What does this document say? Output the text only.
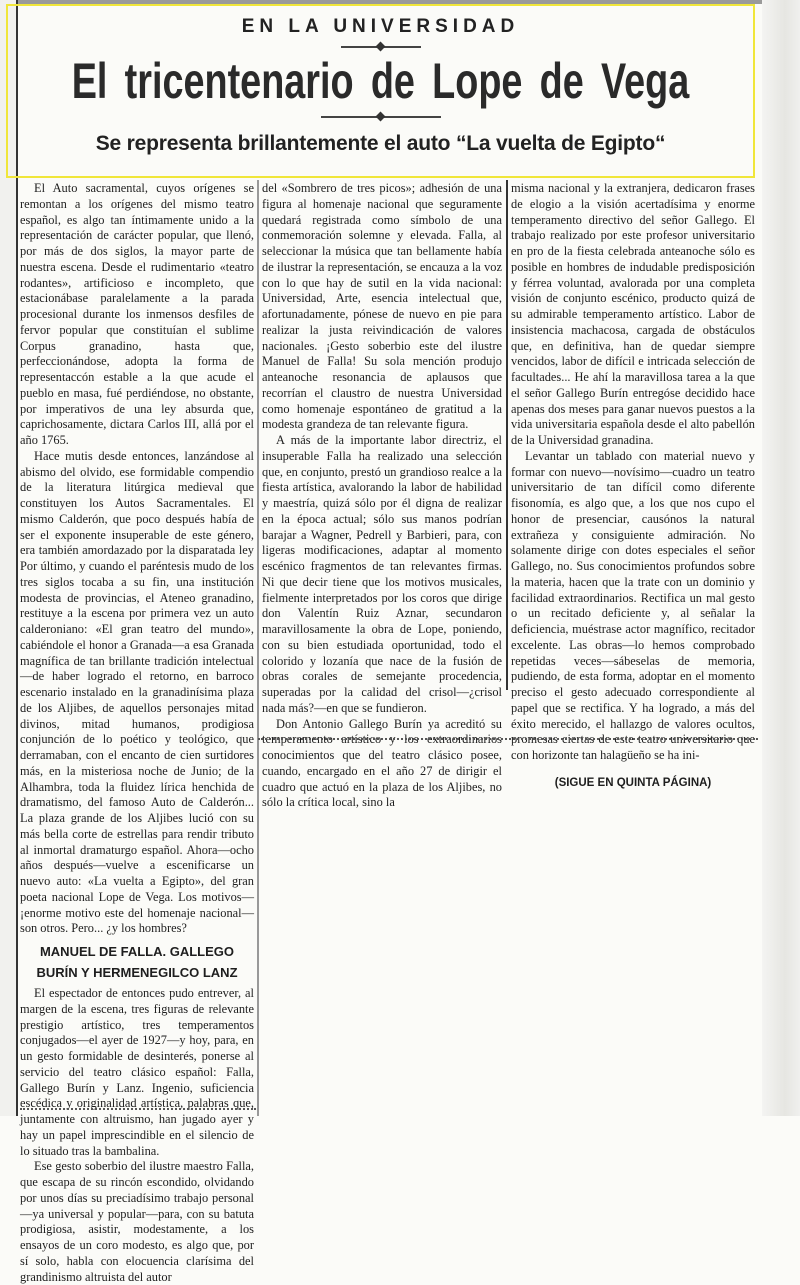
EN LA UNIVERSIDAD
El tricentenario de Lope de Vega
Se representa brillantemente el auto “La vuelta de Egipto“

El Auto sacramental, cuyos orígenes se remontan a los orígenes del mismo teatro español, es algo tan íntimamente unido a la representación de carácter popular, que llenó, por más de dos siglos, la mayor parte de nuestra escena. Desde el rudimentario «teatro rodantes», artificioso e incompleto, que estacionábase paralelamente a la parada procesional durante los inmensos desfiles de fervor popular que constituían el sublime Corpus granadino, hasta que, perfeccionándose, adopta la forma de representaccón estable a la que acude el pueblo en masa, fué perdiéndose, no obstante, por imperativos de una ley absurda que, caprichosamente, dictara Carlos III, allá por el año 1765.

Hace mutis desde entonces, lanzándose al abismo del olvido, ese formidable compendio de la literatura litúrgica medieval que constituyen los Autos Sacramentales. El mismo Calderón, que poco después había de ser el exponente insuperable de este género, era también amordazado por la disparatada ley Por último, y cuando el paréntesis mudo de los tres siglos tocaba a su fin, una institución modesta de provincias, el Ateneo granadino, restituye a la escena por primera vez un auto calderoniano: «El gran teatro del mundo», cabiéndole el honor a Granada—a esa Granada magnífica de tan brillante tradición intelectual—de haber logrado el retorno, en barroco escenario instalado en la granadinísima plaza de los Aljibes, de aquellos personajes mitad divinos, mitad humanos, prodigiosa conjunción de lo poético y teológico, que derramaban, con el encanto de cien surtidores más, en la misteriosa noche de Junio; de la Alhambra, toda la fluidez lírica henchida de dramatismo, del famoso Auto de Calderón... La plaza grande de los Aljibes lució con su más bella corte de estrellas para rendir tributo al inmortal dramaturgo español. Ahora—ocho años después—vuelve a escenificarse un nuevo auto: «La vuelta a Egipto», del gran poeta nacional Lope de Vega. Los motivos—¡enorme motivo este del homenaje nacional—son otros. Pero... ¿y los hombres?

MANUEL DE FALLA. GALLEGO BURÍN Y HERMENEGILCO LANZ

El espectador de entonces pudo entrever, al margen de la escena, tres figuras de relevante prestigio artístico, tres temperamentos conjugados—el ayer de 1927—y hoy, para, en un gesto formidable de desinterés, ponerse al servicio del teatro clásico español: Falla, Gallego Burín y Lanz. Ingenio, suficiencia escédica y originalidad artística, palabras que, juntamente con altruismo, han jugado ayer y hay un papel imprescindible en el silencio de lo situado tras la bambalina.

Ese gesto soberbio del ilustre maestro Falla, que escapa de su rincón escondido, olvidando por unos días su preciadísimo trabajo personal—ya universal y popular—para, con su batuta prodigiosa, asistir, modestamente, a los ensayos de un coro modesto, es algo que, por sí solo, habla con elocuencia clarísima del grandinismo altruista del autor

del «Sombrero de tres picos»; adhesión de una figura al homenaje nacional que seguramente quedará registrada como símbolo de una conmemoración solemne y elevada. Falla, al seleccionar la música que tan bellamente había de ilustrar la representación, se encauza a la voz con lo que hay de sutil en la vida nacional: Universidad, Arte, esencia intelectual que, afortunadamente, pónese de nuevo en pie para realizar la justa reivindicación de valores nacionales. ¡Gesto soberbio este del ilustre Manuel de Falla! Su sola mención produjo anteanoche resonancia de aplausos que recorrían el claustro de nuestra Universidad como homenaje espontáneo de gratitud a la modesta grandeza de tan relevante figura.

A más de la importante labor directriz, el insuperable Falla ha realizado una selección que, en conjunto, prestó un grandioso realce a la fiesta artística, avalorando la labor de habilidad y maestría, quizá sólo por él digna de realizar en la época actual; sólo sus manos podrían barajar a Wagner, Pedrell y Barbieri, para, con ligeras modificaciones, adaptar al momento escénico fragmentos de tan relevantes firmas. Ni que decir tiene que los motivos musicales, fielmente interpretados por los coros que dirige don Valentín Ruiz Aznar, secundaron maravillosamente la obra de Lope, poniendo, con su bien estudiada oportunidad, todo el colorido y lozanía que nace de la fusión de obras corales de semejante procedencia, superadas por la calidad del crisol—¿crisol nada más?—en que se fundieron.

Don Antonio Gallego Burín ya acreditó su temperamento artístico y los extraordinarios conocimientos que del teatro clásico posee, cuando, encargado en el año 27 de dirigir el cuadro que actuó en la plaza de los Aljibes, no sólo la crítica local, sino la

misma nacional y la extranjera, dedicaron frases de elogio a la visión acertadísima y enorme temperamento directivo del señor Gallego. El trabajo realizado por este profesor universitario en pro de la fiesta celebrada anteanoche sólo es posible en hombres de indudable predisposición y férrea voluntad, avalorada por una completa visión de conjunto escénico, producto quizá de su admirable temperamento artístico. Labor de insistencia machacosa, cargada de obstáculos que, en definitiva, han de quedar siempre vencidos, labor de difícil e intricada selección de facultades... He ahí la maravillosa tarea a la que el señor Gallego Burín entregóse decidido hace apenas dos meses para ganar nuevos puestos a la vida universitaria española desde el alto pabellón de la Universidad granadina.

Levantar un tablado con material nuevo y formar con nuevo—novísimo—cuadro un teatro universitario de tan difícil como diferente fisonomía, es algo que, a los que nos cupo el honor de presenciar, causónos la natural extrañeza y consiguiente admiración. No solamente dirige con dotes especiales el señor Gallego, no. Sus conocimientos profundos sobre la materia, hacen que la trate con un dominio y facilidad extraordinarios. Rectifica un mal gesto o un recitado deficiente y, al señalar la deficiencia, muéstrase actor magnífico, recitador excelente. Las obras—lo hemos comprobado repetidas veces—sábeselas de memoria, pudiendo, de esta forma, adoptar en el momento preciso el gesto adecuado correspondiente al papel que se rectifica. Y ha logrado, a más del éxito merecido, el hallazgo de valores ocultos, promesas ciertas de este teatro universitario que con horizonte tan halagüeño se ha ini-

(SIGUE EN QUINTA PÁGINA)
